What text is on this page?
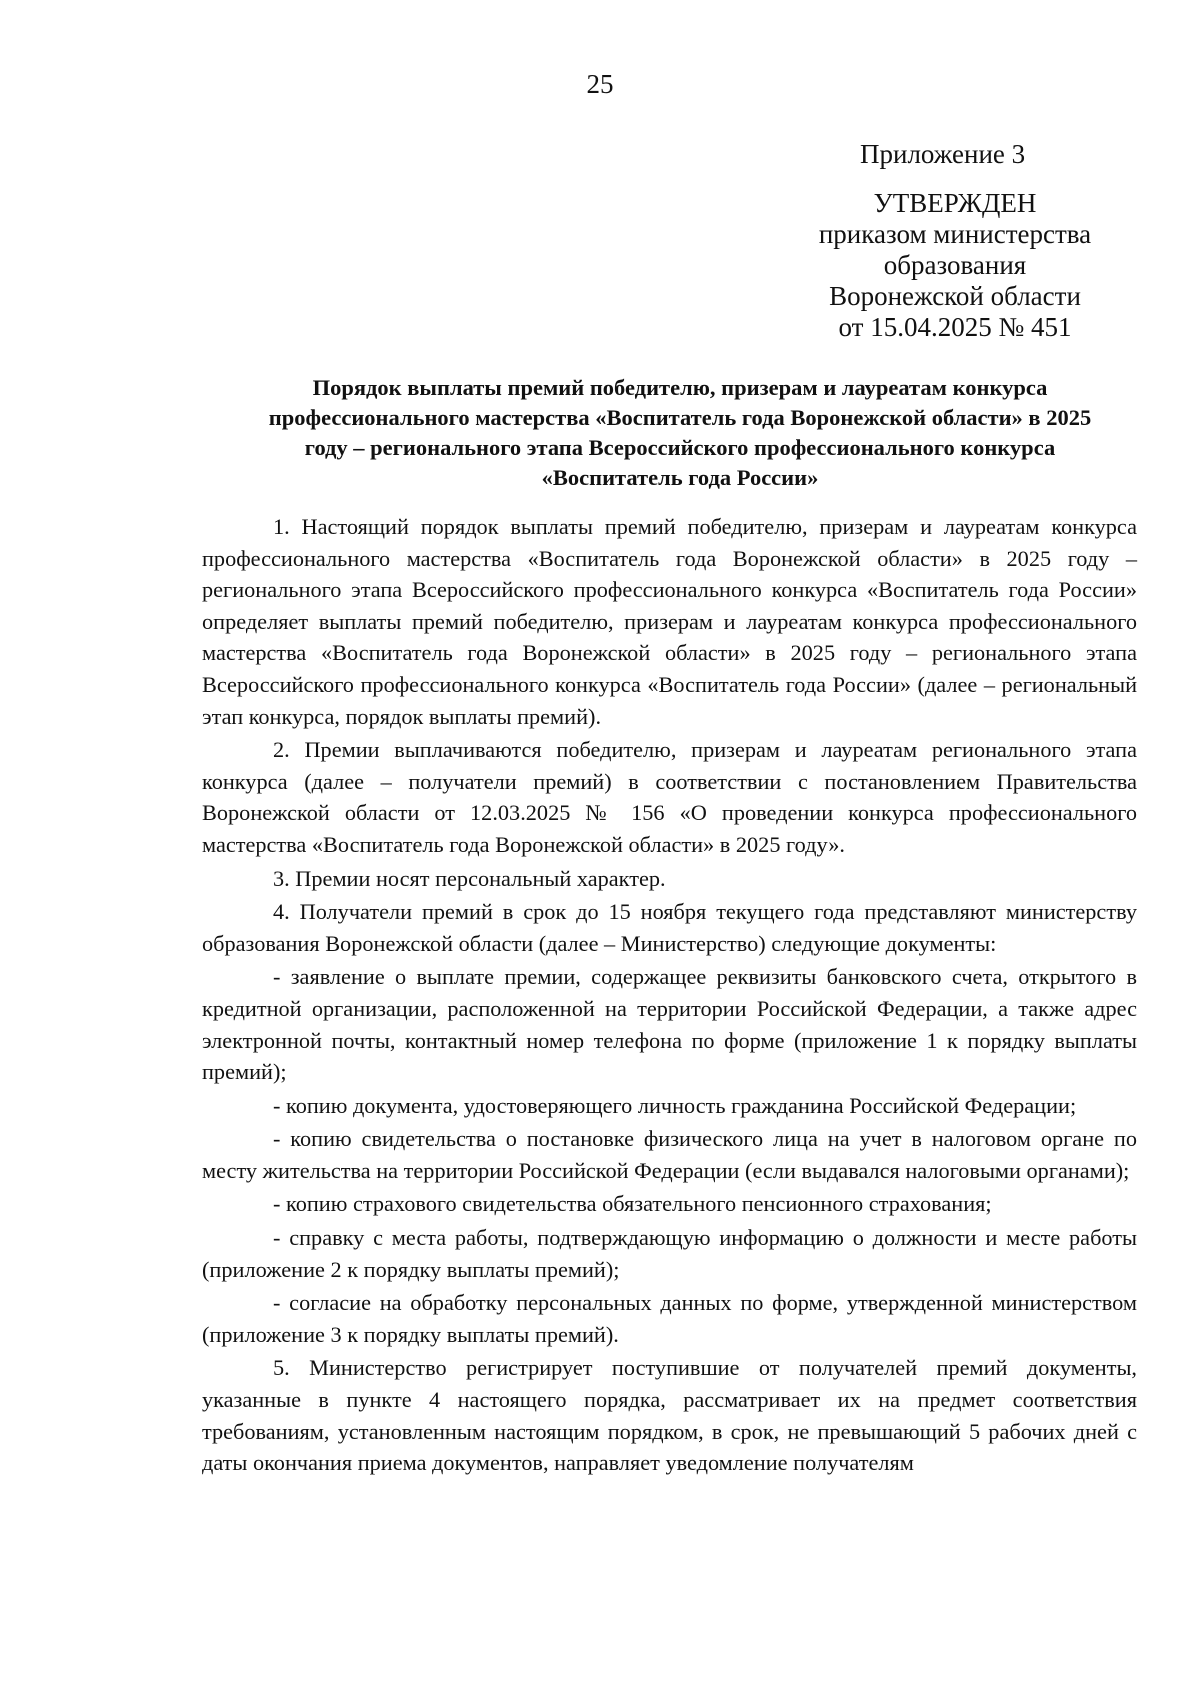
25
Приложение 3
УТВЕРЖДЕН
приказом министерства
образования
Воронежской области
от 15.04.2025 № 451
Порядок выплаты премий победителю, призерам и лауреатам конкурса
профессионального мастерства «Воспитатель года Воронежской области» в 2025
году – регионального этапа Всероссийского профессионального конкурса
«Воспитатель года России»

1. Настоящий порядок выплаты премий победителю, призерам и лауреатам конкурса профессионального мастерства «Воспитатель года Воронежской области» в 2025 году – регионального этапа Всероссийского профессионального конкурса «Воспитатель года России» определяет выплаты премий победителю, призерам и лауреатам конкурса профессионального мастерства «Воспитатель года Воронежской области» в 2025 году – регионального этапа Всероссийского профессионального конкурса «Воспитатель года России» (далее – региональный этап конкурса, порядок выплаты премий).

2. Премии выплачиваются победителю, призерам и лауреатам регионального этапа конкурса (далее – получатели премий) в соответствии с постановлением Правительства Воронежской области от 12.03.2025 № 156 «О проведении конкурса профессионального мастерства «Воспитатель года Воронежской области» в 2025 году».

3. Премии носят персональный характер.

4. Получатели премий в срок до 15 ноября текущего года представляют министерству образования Воронежской области (далее – Министерство) следующие документы:

- заявление о выплате премии, содержащее реквизиты банковского счета, открытого в кредитной организации, расположенной на территории Российской Федерации, а также адрес электронной почты, контактный номер телефона по форме (приложение 1 к порядку выплаты премий);

- копию документа, удостоверяющего личность гражданина Российской Федерации;

- копию свидетельства о постановке физического лица на учет в налоговом органе по месту жительства на территории Российской Федерации (если выдавался налоговыми органами);

- копию страхового свидетельства обязательного пенсионного страхования;

- справку с места работы, подтверждающую информацию о должности и месте работы (приложение 2 к порядку выплаты премий);

- согласие на обработку персональных данных по форме, утвержденной министерством (приложение 3 к порядку выплаты премий).

5. Министерство регистрирует поступившие от получателей премий документы, указанные в пункте 4 настоящего порядка, рассматривает их на предмет соответствия требованиям, установленным настоящим порядком, в срок, не превышающий 5 рабочих дней с даты окончания приема документов, направляет уведомление получателям
